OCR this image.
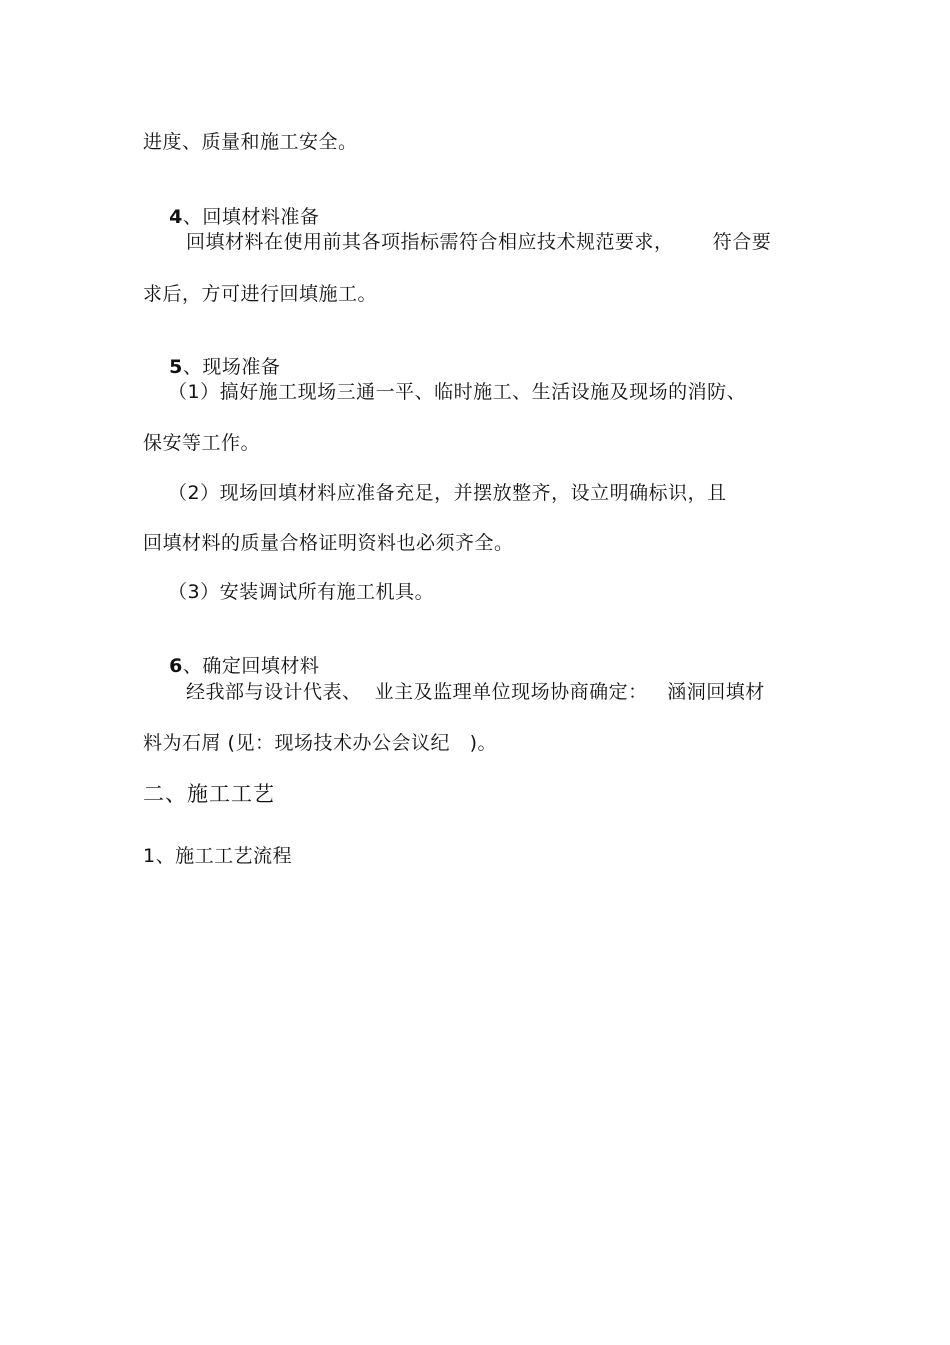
进度、质量和施工安全。

4、回填材料准备

回填材料在使用前其各项指标需符合相应技术规范要求，      符合要
求后，方可进行回填施工。

5、现场准备

（1）搞好施工现场三通一平、临时施工、生活设施及现场的消防、
保安等工作。
（2）现场回填材料应准备充足，并摆放整齐，设立明确标识，且
回填材料的质量合格证明资料也必须齐全。
（3）安装调试所有施工机具。

6、确定回填材料

经我部与设计代表、  业主及监理单位现场协商确定：   涵洞回填材
料为石屑 (见：现场技术办公会议纪   )。
二、施工工艺
1、施工工艺流程
